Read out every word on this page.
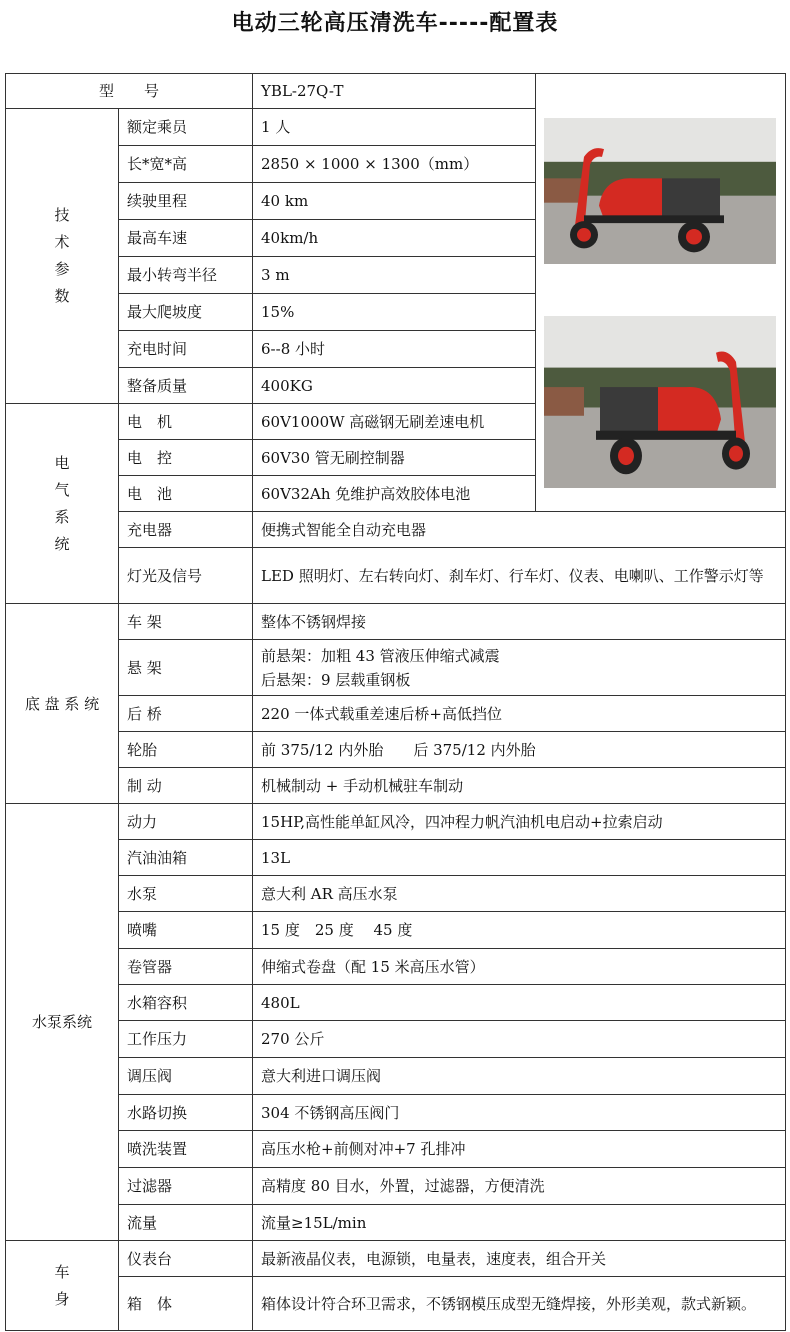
电动三轮高压清洗车-----配置表
型　　号		YBL-27Q-T	

技术参数	额定乘员	1 人	
	长*宽*高	2850 × 1000 × 1300（mm）	
	续驶里程	40 km	
	最高车速	40km/h	
	最小转弯半径	3 m	
	最大爬坡度	15%	
	充电时间	6--8 小时	
	整备质量	400KG	
电气系统	电　机	60V1000W 高磁钢无刷差速电机	
	电　控	60V30 管无刷控制器	
	电　池	60V32Ah 免维护高效胶体电池	
	充电器	便携式智能全自动充电器	
	灯光及信号	LED 照明灯、左右转向灯、刹车灯、行车灯、仪表、电喇叭、工作警示灯等	
底 盘 系 统	车 架	整体不锈钢焊接	
	悬 架	前悬架：加粗 43 管液压伸缩式减震
后悬架：9 层载重钢板	

	后 桥	220 一体式载重差速后桥+高低挡位	
	轮胎	前 375/12 内外胎　　后 375/12 内外胎	
	制 动	机械制动 + 手动机械驻车制动	
水泵系统	动力	15HP,高性能单缸风冷，四冲程力帆汽油机电启动+拉索启动	
	汽油油箱	13L	
	水泵	意大利 AR 高压水泵	
	喷嘴	15 度　25 度　 45 度	
	卷管器	伸缩式卷盘（配 15 米高压水管）	
	水箱容积	480L	
	工作压力	270 公斤	
	调压阀	意大利进口调压阀	
	水路切换	304 不锈钢高压阀门	
	喷洗装置	高压水枪+前侧对冲+7 孔排冲	
	过滤器	高精度 80 目水，外置，过滤器，方便清洗	
	流量	流量≥15L/min	
车身	仪表台	最新液晶仪表，电源锁，电量表，速度表，组合开关	
	箱　体	箱体设计符合环卫需求，不锈钢模压成型无缝焊接，外形美观，款式新颖。	
